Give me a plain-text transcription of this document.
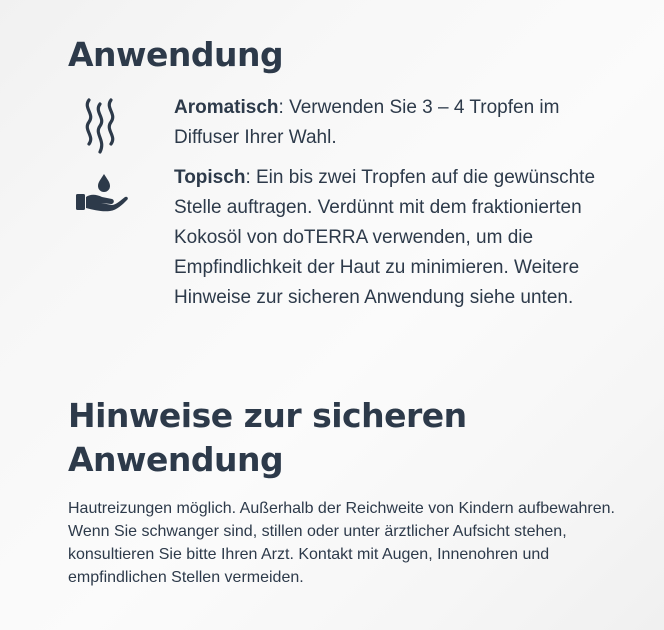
Anwendung
Aromatisch: Verwenden Sie 3 – 4 Tropfen im Diffuser Ihrer Wahl.
Topisch: Ein bis zwei Tropfen auf die gewünschte Stelle auftragen. Verdünnt mit dem fraktionierten Kokosöl von doTERRA verwenden, um die Empfindlichkeit der Haut zu minimieren. Weitere Hinweise zur sicheren Anwendung siehe unten.
Hinweise zur sicheren Anwendung

Hautreizungen möglich. Außerhalb der Reichweite von Kindern aufbewahren. Wenn Sie schwanger sind, stillen oder unter ärztlicher Aufsicht stehen, konsultieren Sie bitte Ihren Arzt. Kontakt mit Augen, Innenohren und empfindlichen Stellen vermeiden.
